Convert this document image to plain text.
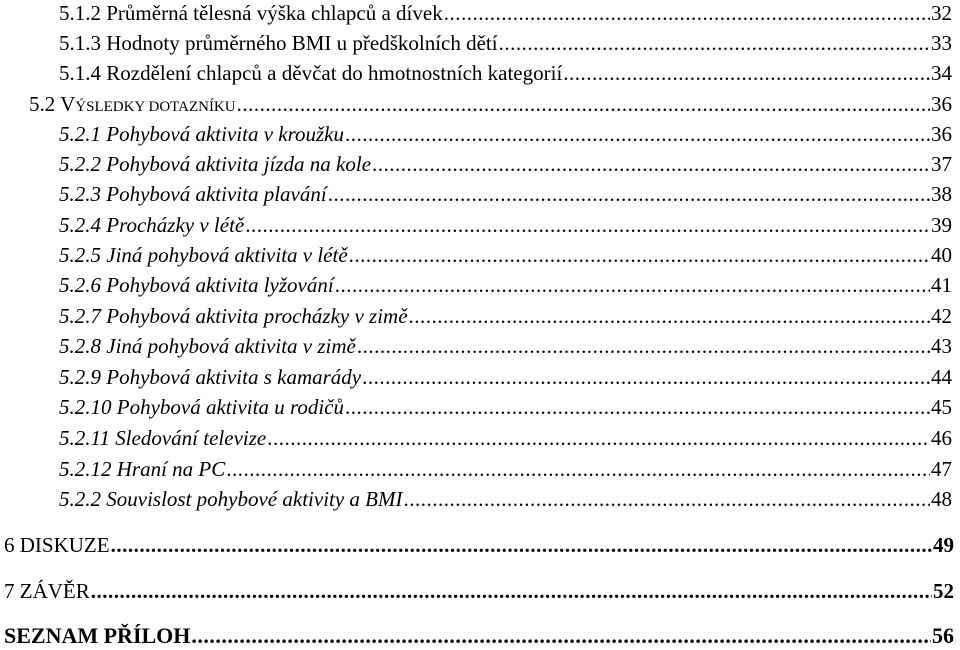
5.1.2 Průměrná tělesná výška chlapců a dívek .....	32
5.1.3 Hodnoty průměrného BMI u předškolních dětí .....	33
5.1.4 Rozdělení chlapců a děvčat do hmotnostních kategorií .....	34
5.2 VÝSLEDKY DOTAZNÍKU .....	36
5.2.1 Pohybová aktivita v kroužku .....	36
5.2.2 Pohybová aktivita jízda na kole .....	37
5.2.3 Pohybová aktivita plavání .....	38
5.2.4 Procházky v létě .....	39
5.2.5 Jiná pohybová aktivita v létě .....	40
5.2.6 Pohybová aktivita lyžování .....	41
5.2.7 Pohybová aktivita procházky v zimě .....	42
5.2.8 Jiná pohybová aktivita v zimě .....	43
5.2.9 Pohybová aktivita s kamarády .....	44
5.2.10 Pohybová aktivita u rodičů .....	45
5.2.11 Sledování televize .....	46
5.2.12 Hraní na PC .....	47
5.2.2 Souvislost pohybové aktivity a BMI .....	48
6 DISKUZE .....	49
7 ZÁVĚR .....	52
SEZNAM PŘÍLOH .....	56
